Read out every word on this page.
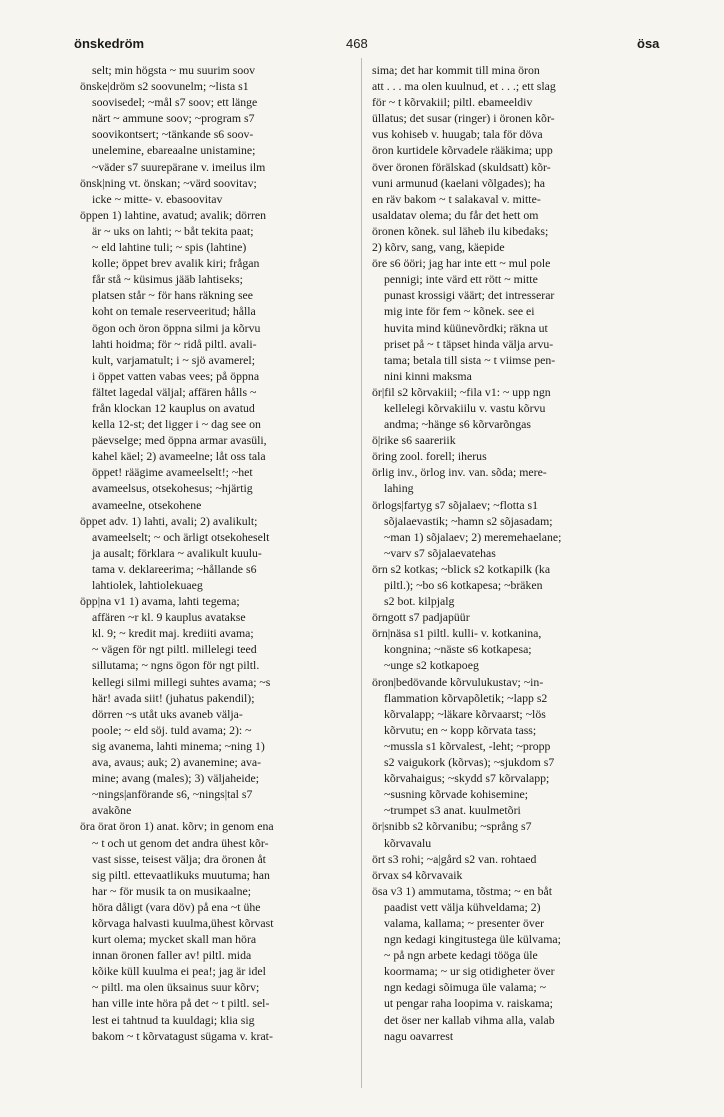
önskedröm	468	ösa
selt; min högsta ~ mu suurim soov
önske|dröm s2 soovunelm; ~lista s1
soovisedel; ~mål s7 soov; ett länge
närt ~ ammune soov; ~program s7
soovikontsert; ~tänkande s6 soov-
unelemine, ebareaalne unistamine;
~väder s7 suurepärane v. imeilus ilm
önsk|ning vt. önskan; ~värd soovitav;
icke ~ mitte- v. ebasoovitav
öppen 1) lahtine, avatud; avalik; dörren
är ~ uks on lahti; ~ båt tekita paat;
~ eld lahtine tuli; ~ spis (lahtine)
kolle; öppet brev avalik kiri; frågan
får stå ~ küsimus jääb lahtiseks;
platsen står ~ för hans räkning see
koht on temale reserveeritud; hålla
ögon och öron öppna silmi ja kõrvu
lahti hoidma; för ~ ridå piltl. avali-
kult, varjamatult; i ~ sjö avamerel;
i öppet vatten vabas vees; på öppna
fältet lagedal väljal; affären hålls ~
från klockan 12 kauplus on avatud
kella 12-st; det ligger i ~ dag see on
päevselge; med öppna armar avasüli,
kahel käel; 2) avameelne; låt oss tala
öppet! räägime avameelselt!; ~het
avameelsus, otsekohesus; ~hjärtig
avameelne, otsekohene
öppet adv. 1) lahti, avali; 2) avalikult;
avameelselt; ~ och ärligt otsekoheselt
ja ausalt; förklara ~ avalikult kuulu-
tama v. deklareerima; ~hållande s6
lahtiolek, lahtiolekuaeg
öpp|na v1 1) avama, lahti tegema;
affären ~r kl. 9 kauplus avatakse
kl. 9; ~ kredit maj. krediiti avama;
~ vägen för ngt piltl. millelegi teed
sillutama; ~ ngns ögon för ngt piltl.
kellegi silmi millegi suhtes avama; ~s
här! avada siit! (juhatus pakendil);
dörren ~s utåt uks avaneb välja-
poole; ~ eld söj. tuld avama; 2): ~
sig avanema, lahti minema; ~ning 1)
ava, avaus; auk; 2) avanemine; ava-
mine; avang (males); 3) väljaheide;
~nings|anförande s6, ~nings|tal s7
avakõne
öra örat öron 1) anat. kõrv; in genom ena
~ t och ut genom det andra ühest kõr-
vast sisse, teisest välja; dra öronen åt
sig piltl. ettevaatlikuks muutuma; han
har ~ för musik ta on musikaalne;
höra dåligt (vara döv) på ena ~t ühe
kõrvaga halvasti kuulma,ühest kõrvast
kurt olema; mycket skall man höra
innan öronen faller av! piltl. mida
kõike küll kuulma ei pea!; jag är idel
~ piltl. ma olen üksainus suur kõrv;
han ville inte höra på det ~ t piltl. sel-
lest ei tahtnud ta kuuldagi; klia sig
bakom ~ t kõrvatagust sügama v. krat-
sima; det har kommit till mina öron
att . . . ma olen kuulnud, et . . .; ett slag
för ~ t kõrvakiil; piltl. ebameeldiv
üllatus; det susar (ringer) i öronen kõr-
vus kohiseb v. huugab; tala för döva
öron kurtidele kõrvadele rääkima; upp
över öronen förälskad (skuldsatt) kõr-
vuni armunud (kaelani võlgades); ha
en räv bakom ~ t salakaval v. mitte-
usaldatav olema; du får det hett om
öronen kõnek. sul läheb ilu kibedaks;
2) kõrv, sang, vang, käepide
öre s6 ööri; jag har inte ett ~ mul pole
pennigi; inte värd ett rött ~ mitte
punast krossigi väärt; det intresserar
mig inte för fem ~ kõnek. see ei
huvita mind küünevõrdki; räkna ut
priset på ~ t täpset hinda välja arvu-
tama; betala till sista ~ t viimse pen-
nini kinni maksma
ör|fil s2 kõrvakiil; ~fila v1: ~ upp ngn
kellelegi kõrvakiilu v. vastu kõrvu
andma; ~hänge s6 kõrvarõngas
ö|rike s6 saareriik
öring zool. forell; iherus
örlig inv., örlog inv. van. sõda; mere-
lahing
örlogs|fartyg s7 sõjalaev; ~flotta s1
sõjalaevastik; ~hamn s2 sõjasadam;
~man 1) sõjalaev; 2) meremehaelane;
~varv s7 sõjalaevatehas
örn s2 kotkas; ~blick s2 kotkapilk (ka
piltl.); ~bo s6 kotkapesa; ~bräken
s2 bot. kilpjalg
örngott s7 padjapüür
örn|näsa s1 piltl. kulli- v. kotkanina,
kongnina; ~näste s6 kotkapesa;
~unge s2 kotkapoeg
öron|bedövande kõrvulukustav; ~in-
flammation kõrvapõletik; ~lapp s2
kõrvalapp; ~läkare kõrvaarst; ~lös
kõrvutu; en ~ kopp kõrvata tass;
~mussla s1 kõrvalest, -leht; ~propp
s2 vaigukork (kõrvas); ~sjukdom s7
kõrvahaigus; ~skydd s7 kõrvalapp;
~susning kõrvade kohisemine;
~trumpet s3 anat. kuulmetõri
ör|snibb s2 kõrvanibu; ~språng s7
kõrvavalu
ört s3 rohi; ~a|gård s2 van. rohtaed
örvax s4 kõrvavaik
ösa v3 1) ammutama, tõstma; ~ en båt
paadist vett välja kühveldama; 2)
valama, kallama; ~ presenter över
ngn kedagi kingitustega üle külvama;
~ på ngn arbete kedagi tööga üle
koormama; ~ ur sig otidigheter över
ngn kedagi sõimuga üle valama; ~
ut pengar raha loopima v. raiskama;
det öser ner kallab vihma alla, valab
nagu oavarrest
